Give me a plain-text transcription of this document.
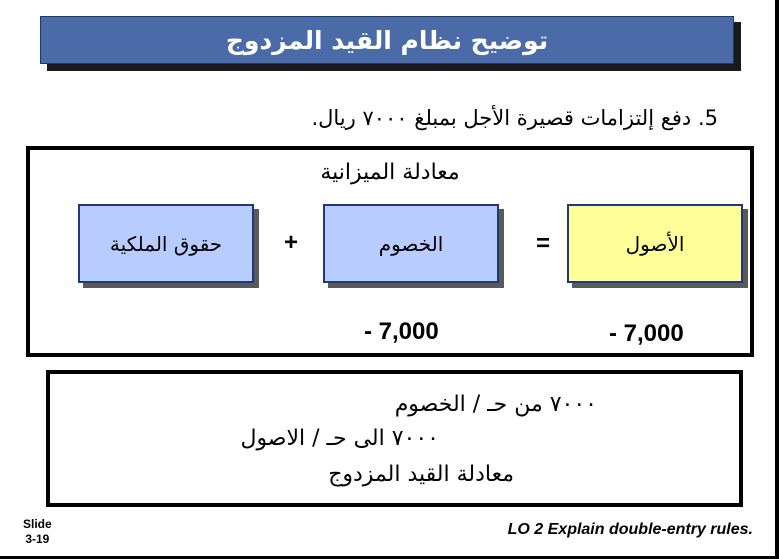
توضيح نظام القيد المزدوج
5. دفع إلتزامات قصيرة الأجل بمبلغ ٧٠٠٠ ريال.
معادلة الميزانية
حقوق الملكية	+	الخصوم	=	الأصول
- 7,000	- 7,000
٧٠٠٠ من حـ / الخصوم
٧٠٠٠ الى حـ / الاصول
معادلة القيد المزدوج
Slide
3-19
LO 2 Explain double-entry rules.
